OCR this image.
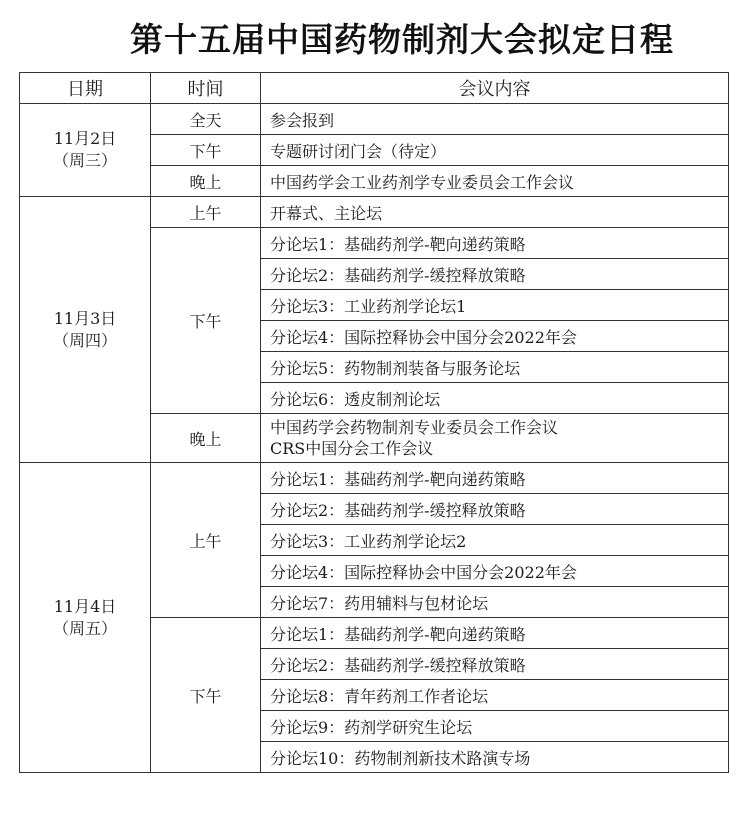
第十五届中国药物制剂大会拟定日程
日期	时间	会议内容

11月2日
（周三）	全天	参会报到
	下午	专题研讨闭门会（待定）
	晚上	中国药学会工业药剂学专业委员会工作会议

11月3日
（周四）	上午	开幕式、主论坛
	下午	分论坛1：基础药剂学-靶向递药策略
		分论坛2：基础药剂学-缓控释放策略
		分论坛3：工业药剂学论坛1
		分论坛4：国际控释协会中国分会2022年会
		分论坛5：药物制剂装备与服务论坛
		分论坛6：透皮制剂论坛
	晚上	中国药学会药物制剂专业委员会工作会议
CRS中国分会工作会议

11月4日
（周五）	上午	分论坛1：基础药剂学-靶向递药策略
		分论坛2：基础药剂学-缓控释放策略
		分论坛3：工业药剂学论坛2
		分论坛4：国际控释协会中国分会2022年会
		分论坛7：药用辅料与包材论坛
	下午	分论坛1：基础药剂学-靶向递药策略
		分论坛2：基础药剂学-缓控释放策略
		分论坛8：青年药剂工作者论坛
		分论坛9：药剂学研究生论坛
		分论坛10：药物制剂新技术路演专场
